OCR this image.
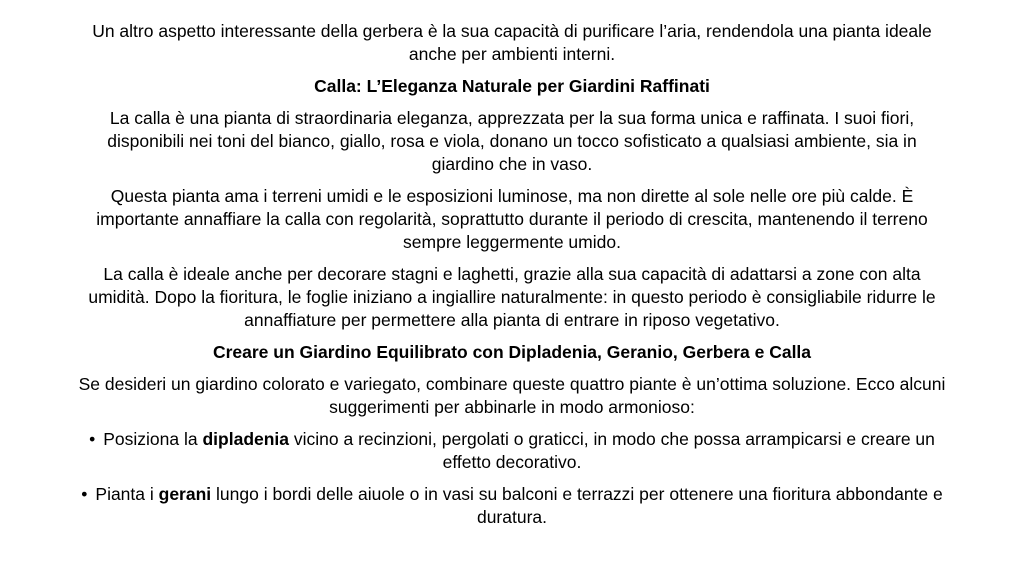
Un altro aspetto interessante della gerbera è la sua capacità di purificare l’aria, rendendola una pianta ideale anche per ambienti interni.

Calla: L’Eleganza Naturale per Giardini Raffinati

La calla è una pianta di straordinaria eleganza, apprezzata per la sua forma unica e raffinata. I suoi fiori, disponibili nei toni del bianco, giallo, rosa e viola, donano un tocco sofisticato a qualsiasi ambiente, sia in giardino che in vaso.

Questa pianta ama i terreni umidi e le esposizioni luminose, ma non dirette al sole nelle ore più calde. È importante annaffiare la calla con regolarità, soprattutto durante il periodo di crescita, mantenendo il terreno sempre leggermente umido.

La calla è ideale anche per decorare stagni e laghetti, grazie alla sua capacità di adattarsi a zone con alta umidità. Dopo la fioritura, le foglie iniziano a ingiallire naturalmente: in questo periodo è consigliabile ridurre le annaffiature per permettere alla pianta di entrare in riposo vegetativo.

Creare un Giardino Equilibrato con Dipladenia, Geranio, Gerbera e Calla

Se desideri un giardino colorato e variegato, combinare queste quattro piante è un’ottima soluzione. Ecco alcuni suggerimenti per abbinarle in modo armonioso:

• Posiziona la dipladenia vicino a recinzioni, pergolati o graticci, in modo che possa arrampicarsi e creare un effetto decorativo.

• Pianta i gerani lungo i bordi delle aiuole o in vasi su balconi e terrazzi per ottenere una fioritura abbondante e duratura.
